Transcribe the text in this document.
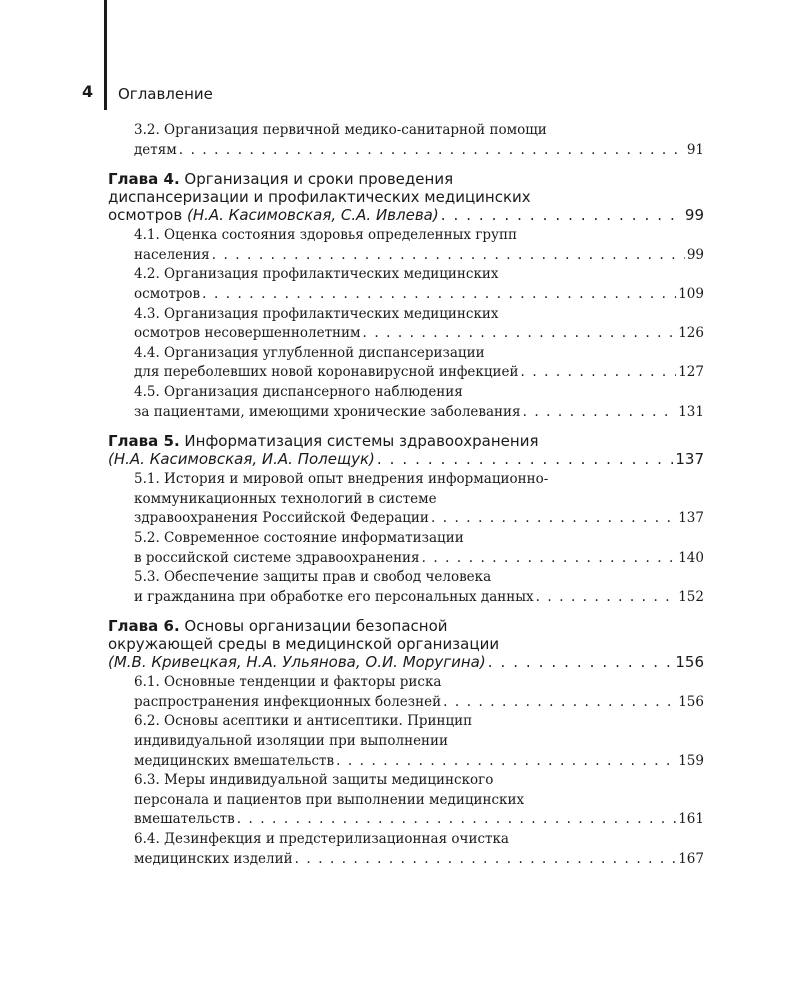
4 Оглавление
3.2. Организация первичной медико-санитарной помощи
детям . . .	91
Глава 4. Организация и сроки проведения
диспансеризации и профилактических медицинских
осмотров (Н.А. Касимовская, С.А. Ивлева) . . .	99
4.1. Оценка состояния здоровья определенных групп
населения . . .	99
4.2. Организация профилактических медицинских
осмотров . . .	109
4.3. Организация профилактических медицинских
осмотров несовершеннолетним . . .	126
4.4. Организация углубленной диспансеризации
для переболевших новой коронавирусной инфекцией . . .	127
4.5. Организация диспансерного наблюдения
за пациентами, имеющими хронические заболевания . . .	131
Глава 5. Информатизация системы здравоохранения
(Н.А. Касимовская, И.А. Полещук) . . .	137
5.1. История и мировой опыт внедрения информационно-
коммуникационных технологий в системе
здравоохранения Российской Федерации . . .	137
5.2. Современное состояние информатизации
в российской системе здравоохранения . . .	140
5.3. Обеспечение защиты прав и свобод человека
и гражданина при обработке его персональных данных . . .	152
Глава 6. Основы организации безопасной
окружающей среды в медицинской организации
(М.В. Кривецкая, Н.А. Ульянова, О.И. Моругина) . . .	156
6.1. Основные тенденции и факторы риска
распространения инфекционных болезней . . .	156
6.2. Основы асептики и антисептики. Принцип
индивидуальной изоляции при выполнении
медицинских вмешательств . . .	159
6.3. Меры индивидуальной защиты медицинского
персонала и пациентов при выполнении медицинских
вмешательств . . .	161
6.4. Дезинфекция и предстерилизационная очистка
медицинских изделий . . .	167
